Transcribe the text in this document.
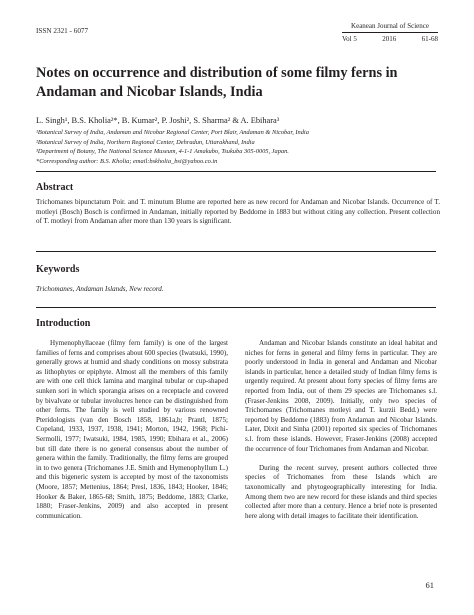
ISSN 2321 - 6077
Keanean Journal of Science
Vol 5	2016	61-68
Notes on occurrence and distribution of some filmy ferns in
Andaman and Nicobar Islands, India
L. Singh¹, B.S. Kholia²*, B. Kumar², P. Joshi², S. Sharma² & A. Ebihara³
¹Botanical Survey of India, Andaman and Nicobar Regional Center, Port Blair, Andaman & Nicobar, India
²Botanical Survey of India, Northern Regional Center, Dehradun, Uttarakhand, India
³Department of Botany, The National Science Museum, 4-1-1 Amakubo, Tsukuba 305-0005, Japan.
*Corresponding author: B.S. Kholia; email:bskholia_bsi@yahoo.co.in
Abstract
Trichomanes bipunctatum Poir. and T. minutum Blume are reported here as new record for Andaman and Nicobar Islands. Occurrence of T. motleyi (Bosch) Bosch is confirmed in Andaman, initially reported by Beddome in 1883 but without citing any collection. Present collection of T. motleyi from Andaman after more than 130 years is significant.
Keywords
Trichomanes, Andaman Islands, New record.
Introduction

Hymenophyllaceae (filmy fern family) is one of the largest families of ferns and comprises about 600 species (Iwatsuki, 1990), generally grows at humid and shady conditions on mossy substrata as lithophytes or epiphyte. Almost all the members of this family are with one cell thick lamina and marginal tubular or cup-shaped sunken sori in which sporangia arises on a receptacle and covered by bivalvate or tubular involucres hence can be distinguished from other ferns. The family is well studied by various renowned Pteridologists (van den Bosch 1858, 1861a,b; Prantl, 1875; Copeland, 1933, 1937, 1938, 1941; Morton, 1942, 1968; Pichi-Sermolli, 1977; Iwatsuki, 1984, 1985, 1990; Ebihara et al., 2006) but till date there is no general consensus about the number of genera within the family. Traditionally, the filmy ferns are grouped in to two genera (Trichomanes J.E. Smith and Hymenophyllum L.) and this bigeneric system is accepted by most of the taxonomists (Moore, 1857; Mettenius, 1864; Presl, 1836, 1843; Hooker, 1846; Hooker & Baker, 1865-68; Smith, 1875; Beddome, 1883; Clarke, 1880; Fraser-Jenkins, 2009) and also accepted in present communication.

Andaman and Nicobar Islands constitute an ideal habitat and niches for ferns in general and filmy ferns in particular. They are poorly understood in India in general and Andaman and Nicobar islands in particular, hence a detailed study of Indian filmy ferns is urgently required. At present about forty species of filmy ferns are reported from India, out of them 29 species are Trichomanes s.l. (Fraser-Jenkins 2008, 2009). Initially, only two species of Trichomanes (Trichomanes motleyi and T. kurzii Bedd.) were reported by Beddome (1883) from Andaman and Nicobar Islands. Later, Dixit and Sinha (2001) reported six species of Trichomanes s.l. from these islands. However, Fraser-Jenkins (2008) accepted the occurrence of four Trichomanes from Andaman and Nicobar.

During the recent survey, present authors collected three species of Trichomanes from these Islands which are taxonomically and phytogeographically interesting for India. Among them two are new record for these islands and third species collected after more than a century. Hence a brief note is presented here along with detail images to facilitate their identification.

61
